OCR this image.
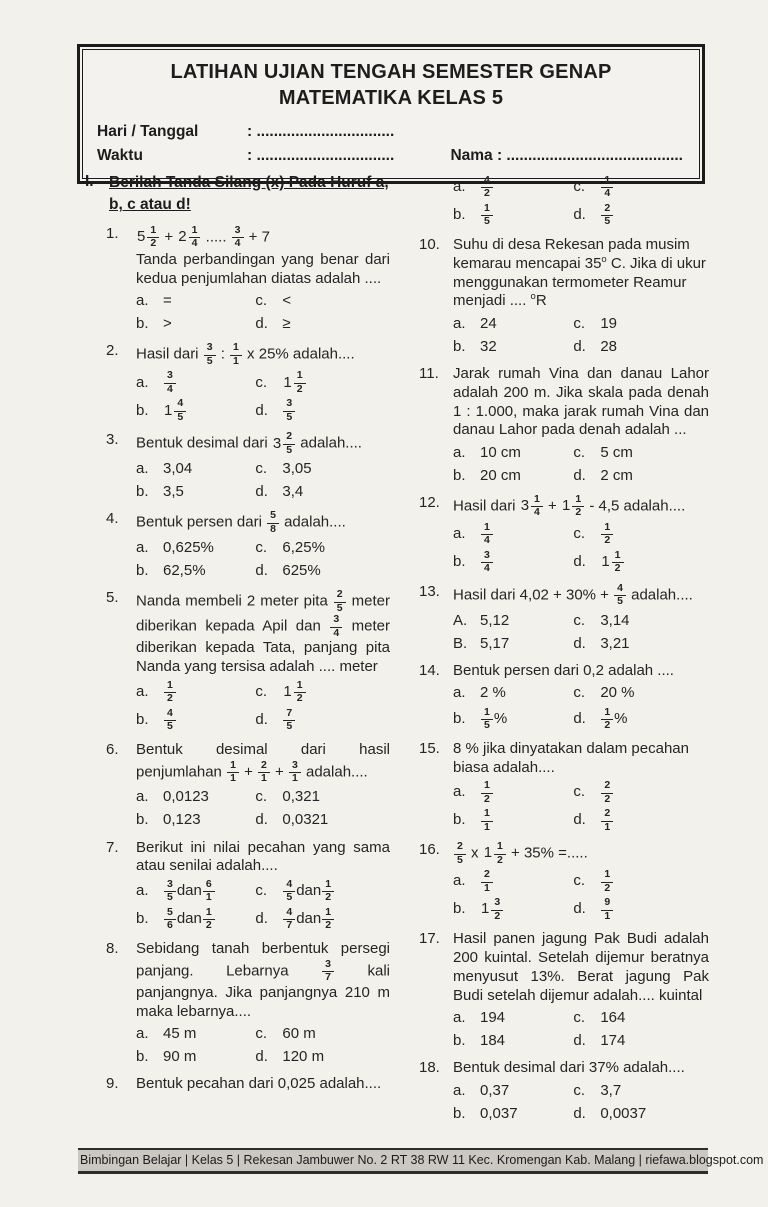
LATIHAN UJIAN TENGAH SEMESTER GENAP
MATEMATIKA KELAS 5
Hari / Tanggal	: ................................
Waktu	: ................................	Nama : .........................................
I. Berilah Tanda Silang (x) Pada Huruf a, b, c atau d!
1.	$5 \frac{1}{2} + 2 \frac{1}{4}$ ..... $\frac{3}{4} + 7$
Tanda perbandingan yang benar dari kedua penjumlahan diatas adalah ....
a. =	c.	<
b. >	d. ≥
2.	Hasil dari $\frac{3}{5}$ : $\frac{1}{1}$ x 25% adalah....
a.	$\frac{3}{4}$	c.	$1 \frac{1}{2}$
b.	$1 \frac{4}{5}$	d.	$\frac{3}{5}$
3.	Bentuk desimal dari $3 \frac{2}{5}$ adalah....
a. 3,04	c.	3,05
b. 3,5	d. 3,4
4.	Bentuk persen dari $\frac{5}{8}$ adalah....
a. 0,625%	c.	6,25%
b. 62,5%	d. 625%
5.	Nanda membeli 2 meter pita $\frac{2}{5}$ meter diberikan kepada Apil dan $\frac{3}{4}$ meter diberikan kepada Tata, panjang pita Nanda yang tersisa adalah .... meter
a.	$\frac{1}{2}$	c.	$1 \frac{1}{2}$
b.	$\frac{4}{5}$	d.	$\frac{7}{5}$
6.	Bentuk desimal dari hasil penjumlahan $\frac{1}{1} + \frac{2}{1} + \frac{3}{1}$ adalah....
a. 0,0123	c.	0,321
b. 0,123	d. 0,0321
7.	Berikut ini nilai pecahan yang sama atau senilai adalah....
a.	$\frac{3}{5}$ dan $\frac{6}{1}$	c.	$\frac{4}{5}$ dan $\frac{1}{2}$
b.	$\frac{5}{6}$ dan $\frac{1}{2}$	d.	$\frac{4}{7}$ dan $\frac{1}{2}$
8.	Sebidang tanah berbentuk persegi panjang. Lebarnya $\frac{3}{7}$ kali panjangnya. Jika panjangnya 210 m maka lebarnya....
a. 45 m	c.	60 m
b. 90 m	d. 120 m
9.	Bentuk pecahan dari 0,025 adalah....
a.	$\frac{4}{2}$	c.	$\frac{1}{4}$
b.	$\frac{1}{5}$	d.	$\frac{2}{5}$
10. Suhu di desa Rekesan pada musim kemarau mencapai 35$^o$ C. Jika di ukur menggunakan termometer Reamur menjadi .... $^o$R
a. 24	c.	19
b. 32	d. 28
11. Jarak rumah Vina dan danau Lahor adalah 200 m. Jika skala pada denah 1 : 1.000, maka jarak rumah Vina dan danau Lahor pada denah adalah ...
a. 10 cm	c.	5 cm
b. 20 cm	d. 2 cm
12. Hasil dari $3 \frac{1}{4} + 1 \frac{1}{2} - 4,5$ adalah....
a.	$\frac{1}{4}$	c.	$\frac{1}{2}$
b.	$\frac{3}{4}$	d.	$1 \frac{1}{2}$
13. Hasil dari $4,02 + 30\% + \frac{4}{5}$ adalah....
A. 5,12	c.	3,14
B. 5,17	d. 3,21
14. Bentuk persen dari 0,2 adalah ....
a. 2 %	c.	20 %
b.	$\frac{1}{5}$ %	d.	$\frac{1}{2}$ %
15. 8 % jika dinyatakan dalam pecahan biasa adalah....
a.	$\frac{1}{2}$	c.	$\frac{2}{2}$
b.	$\frac{1}{1}$	d.	$\frac{2}{1}$
16.	$\frac{2}{5}$ x $1 \frac{1}{2} + 35\%$ =.....
a.	$\frac{2}{1}$	c.	$\frac{1}{2}$
b.	$1 \frac{3}{2}$	d.	$\frac{9}{1}$
17. Hasil panen jagung Pak Budi adalah 200 kuintal. Setelah dijemur beratnya menyusut 13%. Berat jagung Pak Budi setelah dijemur adalah.... kuintal
a. 194	c.	164
b. 184	d. 174
18. Bentuk desimal dari 37% adalah....
a. 0,37	c.	3,7
b. 0,037	d. 0,0037
Bimbingan Belajar | Kelas 5 | Rekesan Jambuwer No. 2 RT 38 RW 11 Kec. Kromengan Kab. Malang | riefawa.blogspot.com
